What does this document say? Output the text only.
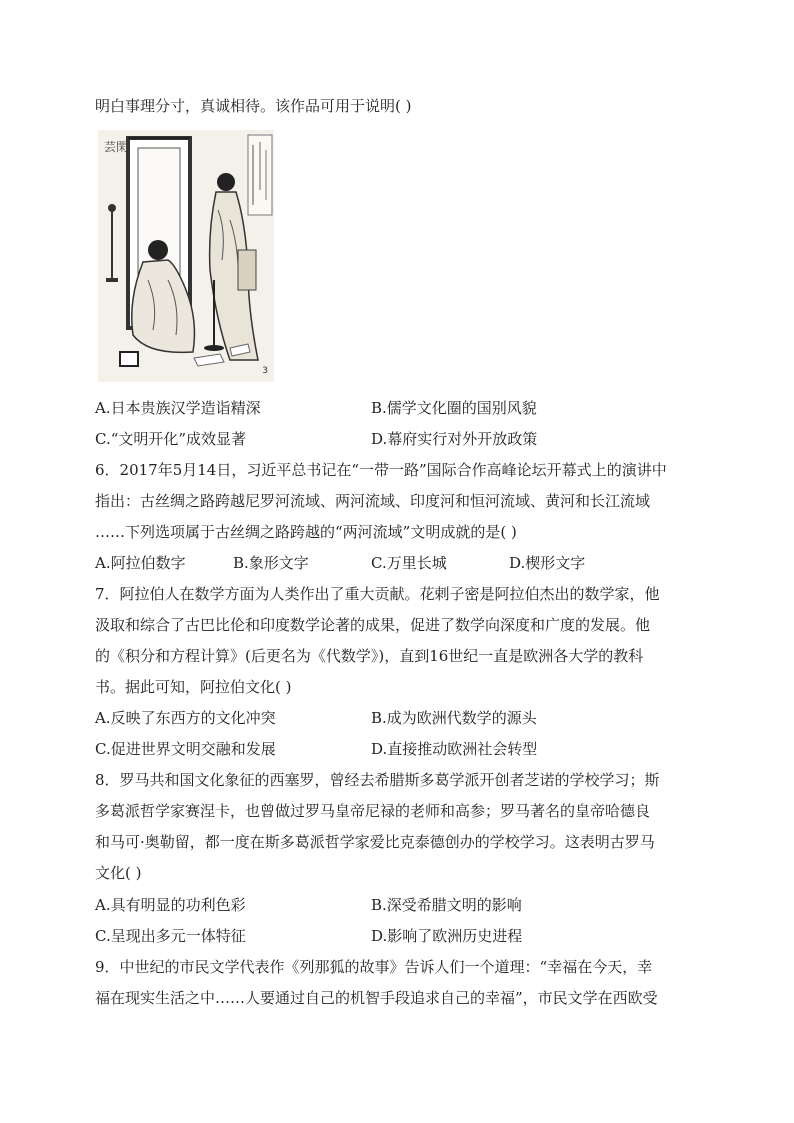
明白事理分寸，真诚相待。该作品可用于说明( )
芸閑
3
A.日本贵族汉学造诣精深	B.儒学文化圈的国别风貌
C.“文明开化”成效显著	D.幕府实行对外开放政策
6．2017年5月14日，习近平总书记在“一带一路”国际合作高峰论坛开幕式上的演讲中
指出：古丝绸之路跨越尼罗河流域、两河流域、印度河和恒河流域、黄河和长江流域
……下列选项属于古丝绸之路跨越的“两河流域”文明成就的是( )
A.阿拉伯数字	B.象形文字	C.万里长城	D.楔形文字
7．阿拉伯人在数学方面为人类作出了重大贡献。花剌子密是阿拉伯杰出的数学家，他
汲取和综合了古巴比伦和印度数学论著的成果，促进了数学向深度和广度的发展。他
的《积分和方程计算》(后更名为《代数学》)，直到16世纪一直是欧洲各大学的教科
书。据此可知，阿拉伯文化( )
A.反映了东西方的文化冲突	B.成为欧洲代数学的源头
C.促进世界文明交融和发展	D.直接推动欧洲社会转型
8．罗马共和国文化象征的西塞罗，曾经去希腊斯多葛学派开创者芝诺的学校学习；斯
多葛派哲学家赛涅卡，也曾做过罗马皇帝尼禄的老师和高参；罗马著名的皇帝哈德良
和马可·奥勒留，都一度在斯多葛派哲学家爱比克泰德创办的学校学习。这表明古罗马
文化( )
A.具有明显的功利色彩	B.深受希腊文明的影响
C.呈现出多元一体特征	D.影响了欧洲历史进程
9．中世纪的市民文学代表作《列那狐的故事》告诉人们一个道理：“幸福在今天，幸
福在现实生活之中……人要通过自己的机智手段追求自己的幸福”，市民文学在西欧受
